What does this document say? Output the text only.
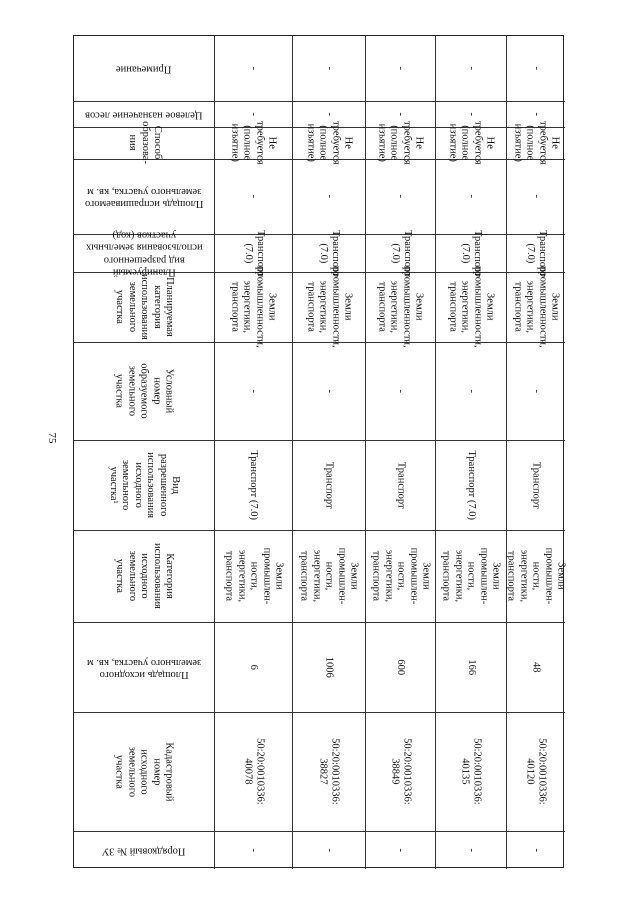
75
Порядковый № ЗУ
Кадастровый
номер
исходного
земельного
участка
Площадь исходного
земельного участка, кв. м
Категория
использования
исходного
земельного
участка
Вид
разрешенного
использования
исходного
земельного
участка¹
Условный
номер
образуемого
земельного
участка
Планируемая
категория
использования
земельного
участка
Планируемый
вид разрешенного
использования земельных
участков (код)
Площадь испрашиваемого
земельного участка, кв. м
Способ
образова-
ния
Целевое назначение лесов
Примечание
-
50:20:0010336:
40078
6
Земли
промышлен-
ности,
энергетики,
транспорта
Транспорт (7.0)
-
Земли
промышленности,
энергетики,
транспорта
Транспорт
(7.0)
-
Не
требуется
(полное
изъятие)
-
-
-
50:20:0010336:
38827
1006
Земли
промышлен-
ности,
энергетики,
транспорта
Транспорт
-
Земли
промышленности,
энергетики,
транспорта
Транспорт
(7.0)
-
Не
требуется
(полное
изъятие)
-
-
-
50:20:0010336:
38849
600
Земли
промышлен-
ности,
энергетики,
транспорта
Транспорт
-
Земли
промышленности,
энергетики,
транспорта
Транспорт
(7.0)
-
Не
требуется
(полное
изъятие)
-
-
-
50:20:0010336:
40135
166
Земли
промышлен-
ности,
энергетики,
транспорта
Транспорт (7.0)
-
Земли
промышленности,
энергетики,
транспорта
Транспорт
(7.0)
-
Не
требуется
(полное
изъятие)
-
-
-
50:20:0010336:
40120
48
Земли
промышлен-
ности,
энергетики,
транспорта
Транспорт
-
Земли
промышленности,
энергетики,
транспорта
Транспорт
(7.0)
-
Не
требуется
(полное
изъятие)
-
-
